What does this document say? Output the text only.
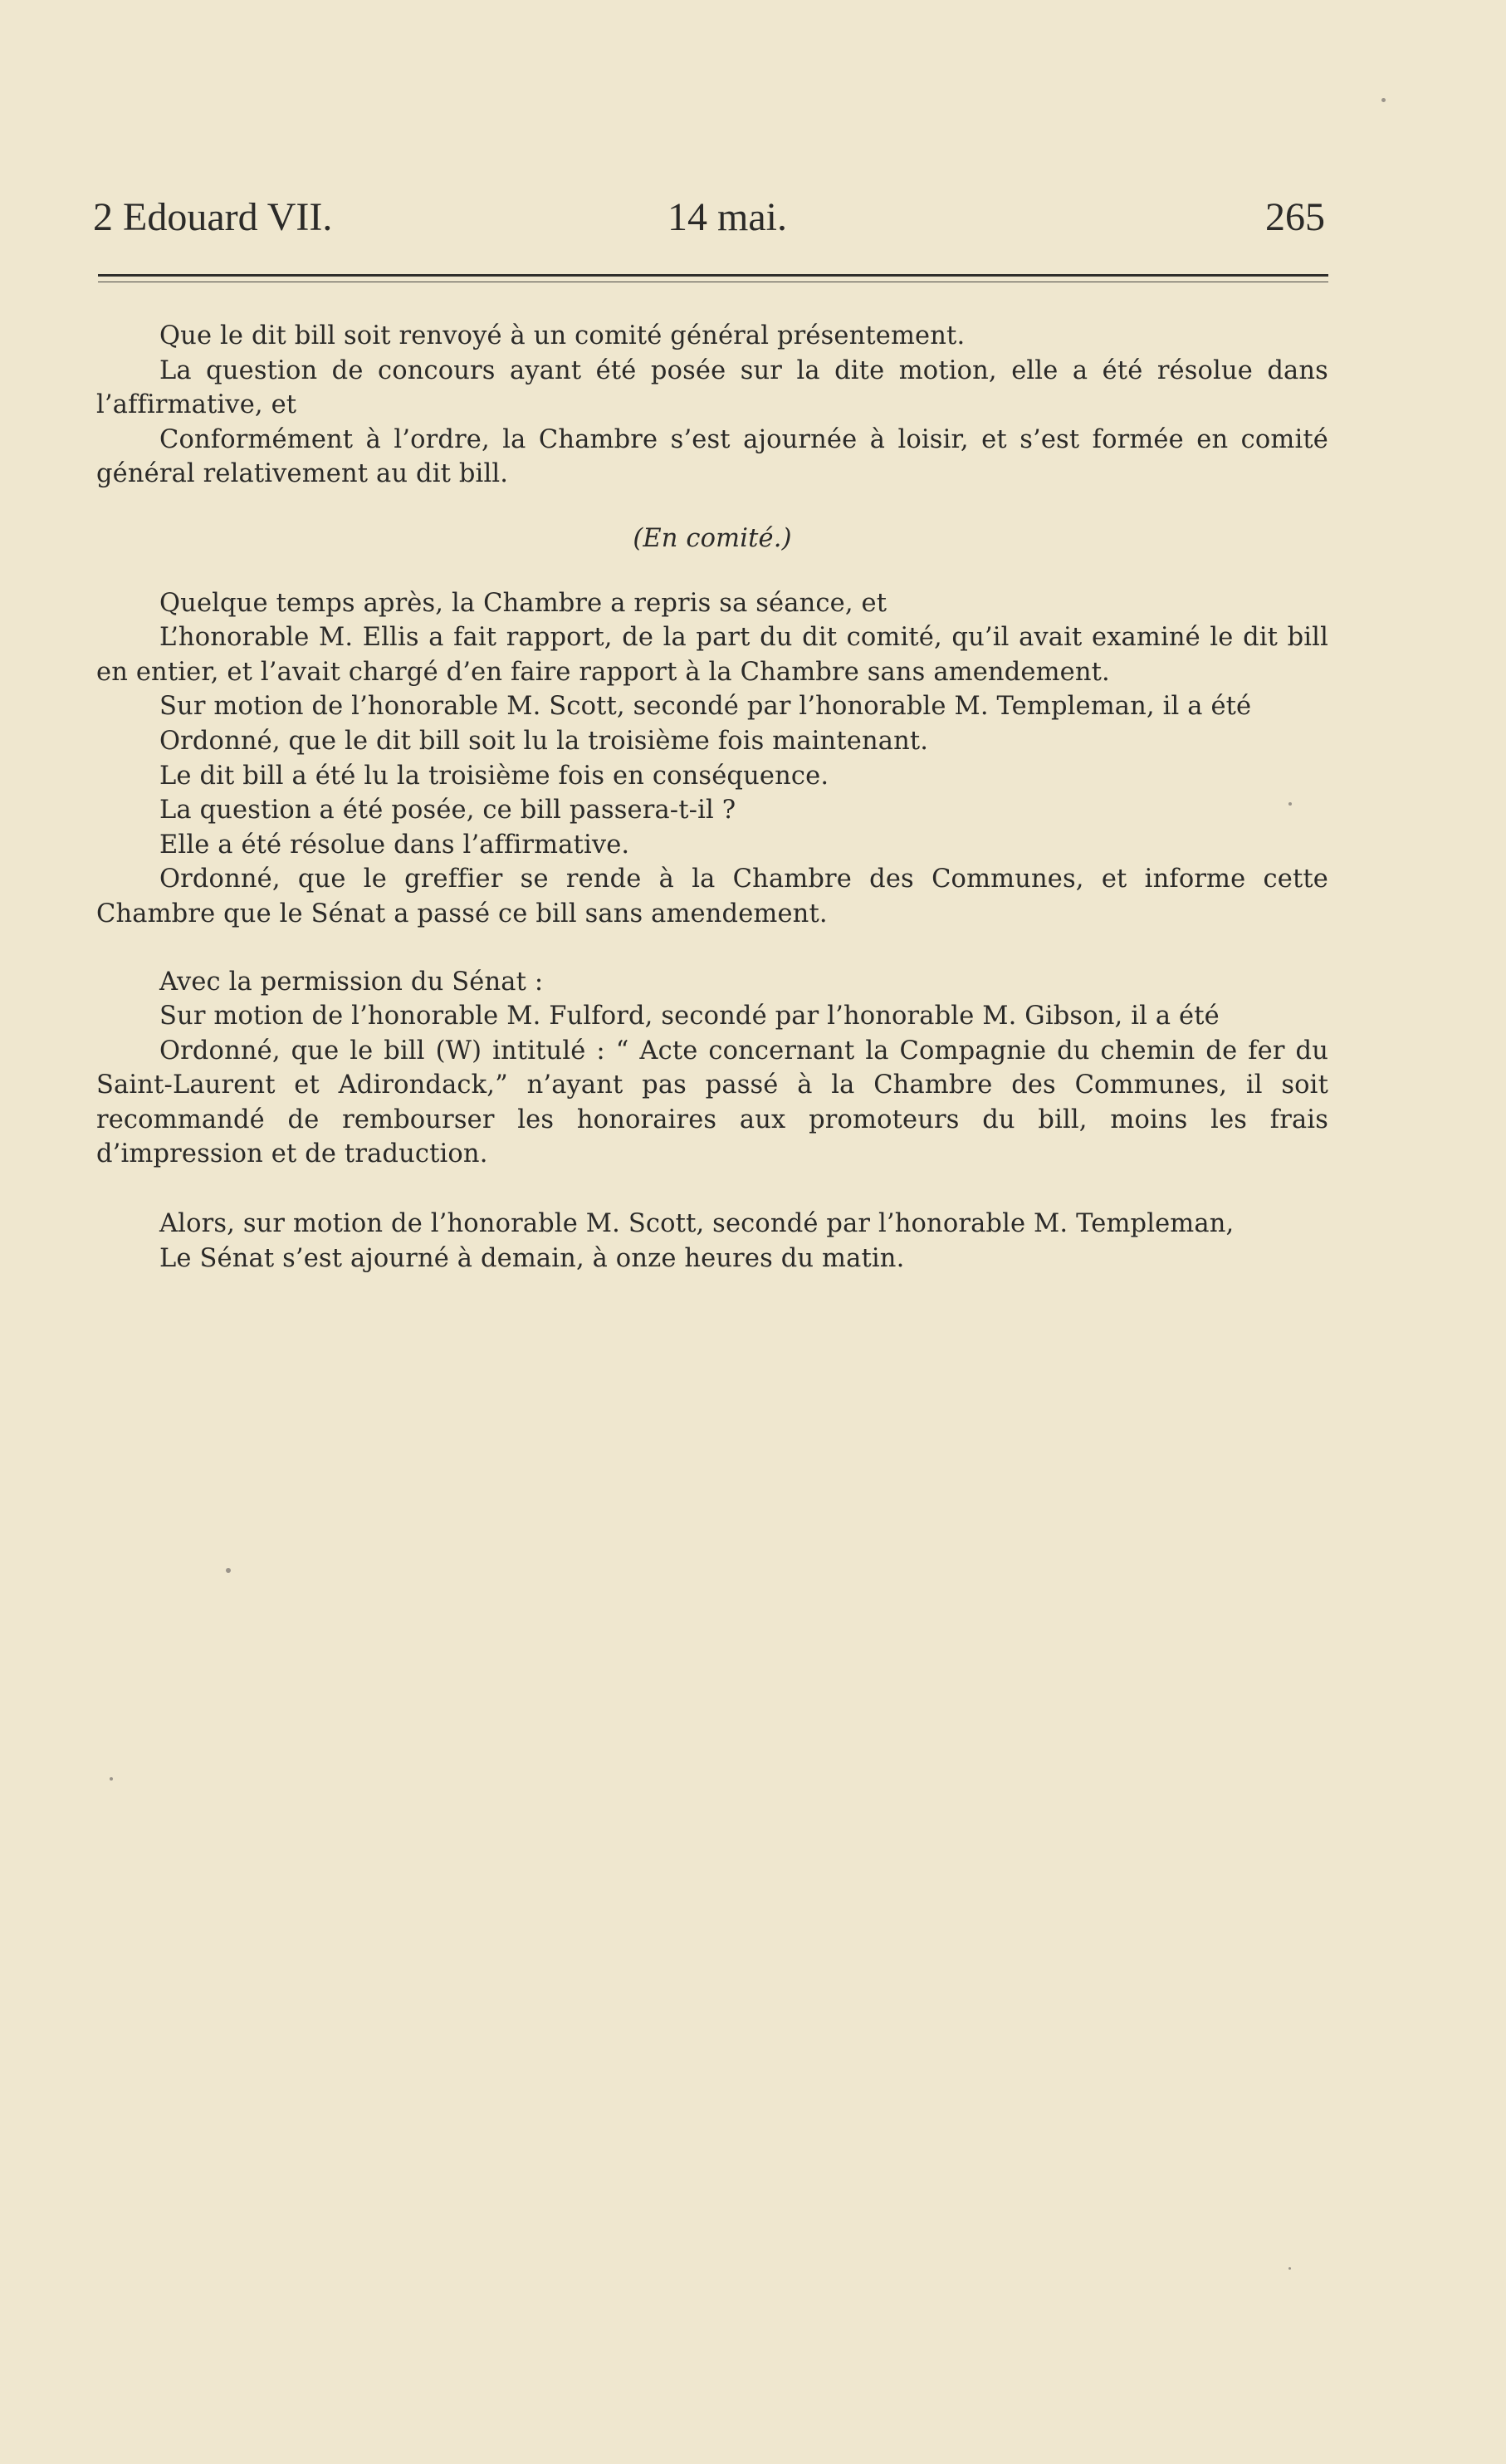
2 Edouard VII.	14 mai.	265

Que le dit bill soit renvoyé à un comité général présentement.

La question de concours ayant été posée sur la dite motion, elle a été résolue dans l’affirmative, et

Conformément à l’ordre, la Chambre s’est ajournée à loisir, et s’est formée en comité général relativement au dit bill.

(En comité.)

Quelque temps après, la Chambre a repris sa séance, et

L’honorable M. Ellis a fait rapport, de la part du dit comité, qu’il avait examiné le dit bill en entier, et l’avait chargé d’en faire rapport à la Chambre sans amendement.

Sur motion de l’honorable M. Scott, secondé par l’honorable M. Templeman, il a été

Ordonné, que le dit bill soit lu la troisième fois maintenant.

Le dit bill a été lu la troisième fois en conséquence.

La question a été posée, ce bill passera-t-il ?

Elle a été résolue dans l’affirmative.

Ordonné, que le greffier se rende à la Chambre des Communes, et informe cette Chambre que le Sénat a passé ce bill sans amendement.

Avec la permission du Sénat :

Sur motion de l’honorable M. Fulford, secondé par l’honorable M. Gibson, il a été

Ordonné, que le bill (W) intitulé : “ Acte concernant la Compagnie du chemin de fer du Saint-Laurent et Adirondack,” n’ayant pas passé à la Chambre des Communes, il soit recommandé de rembourser les honoraires aux promoteurs du bill, moins les frais d’impression et de traduction.

Alors, sur motion de l’honorable M. Scott, secondé par l’honorable M. Templeman,

Le Sénat s’est ajourné à demain, à onze heures du matin.
